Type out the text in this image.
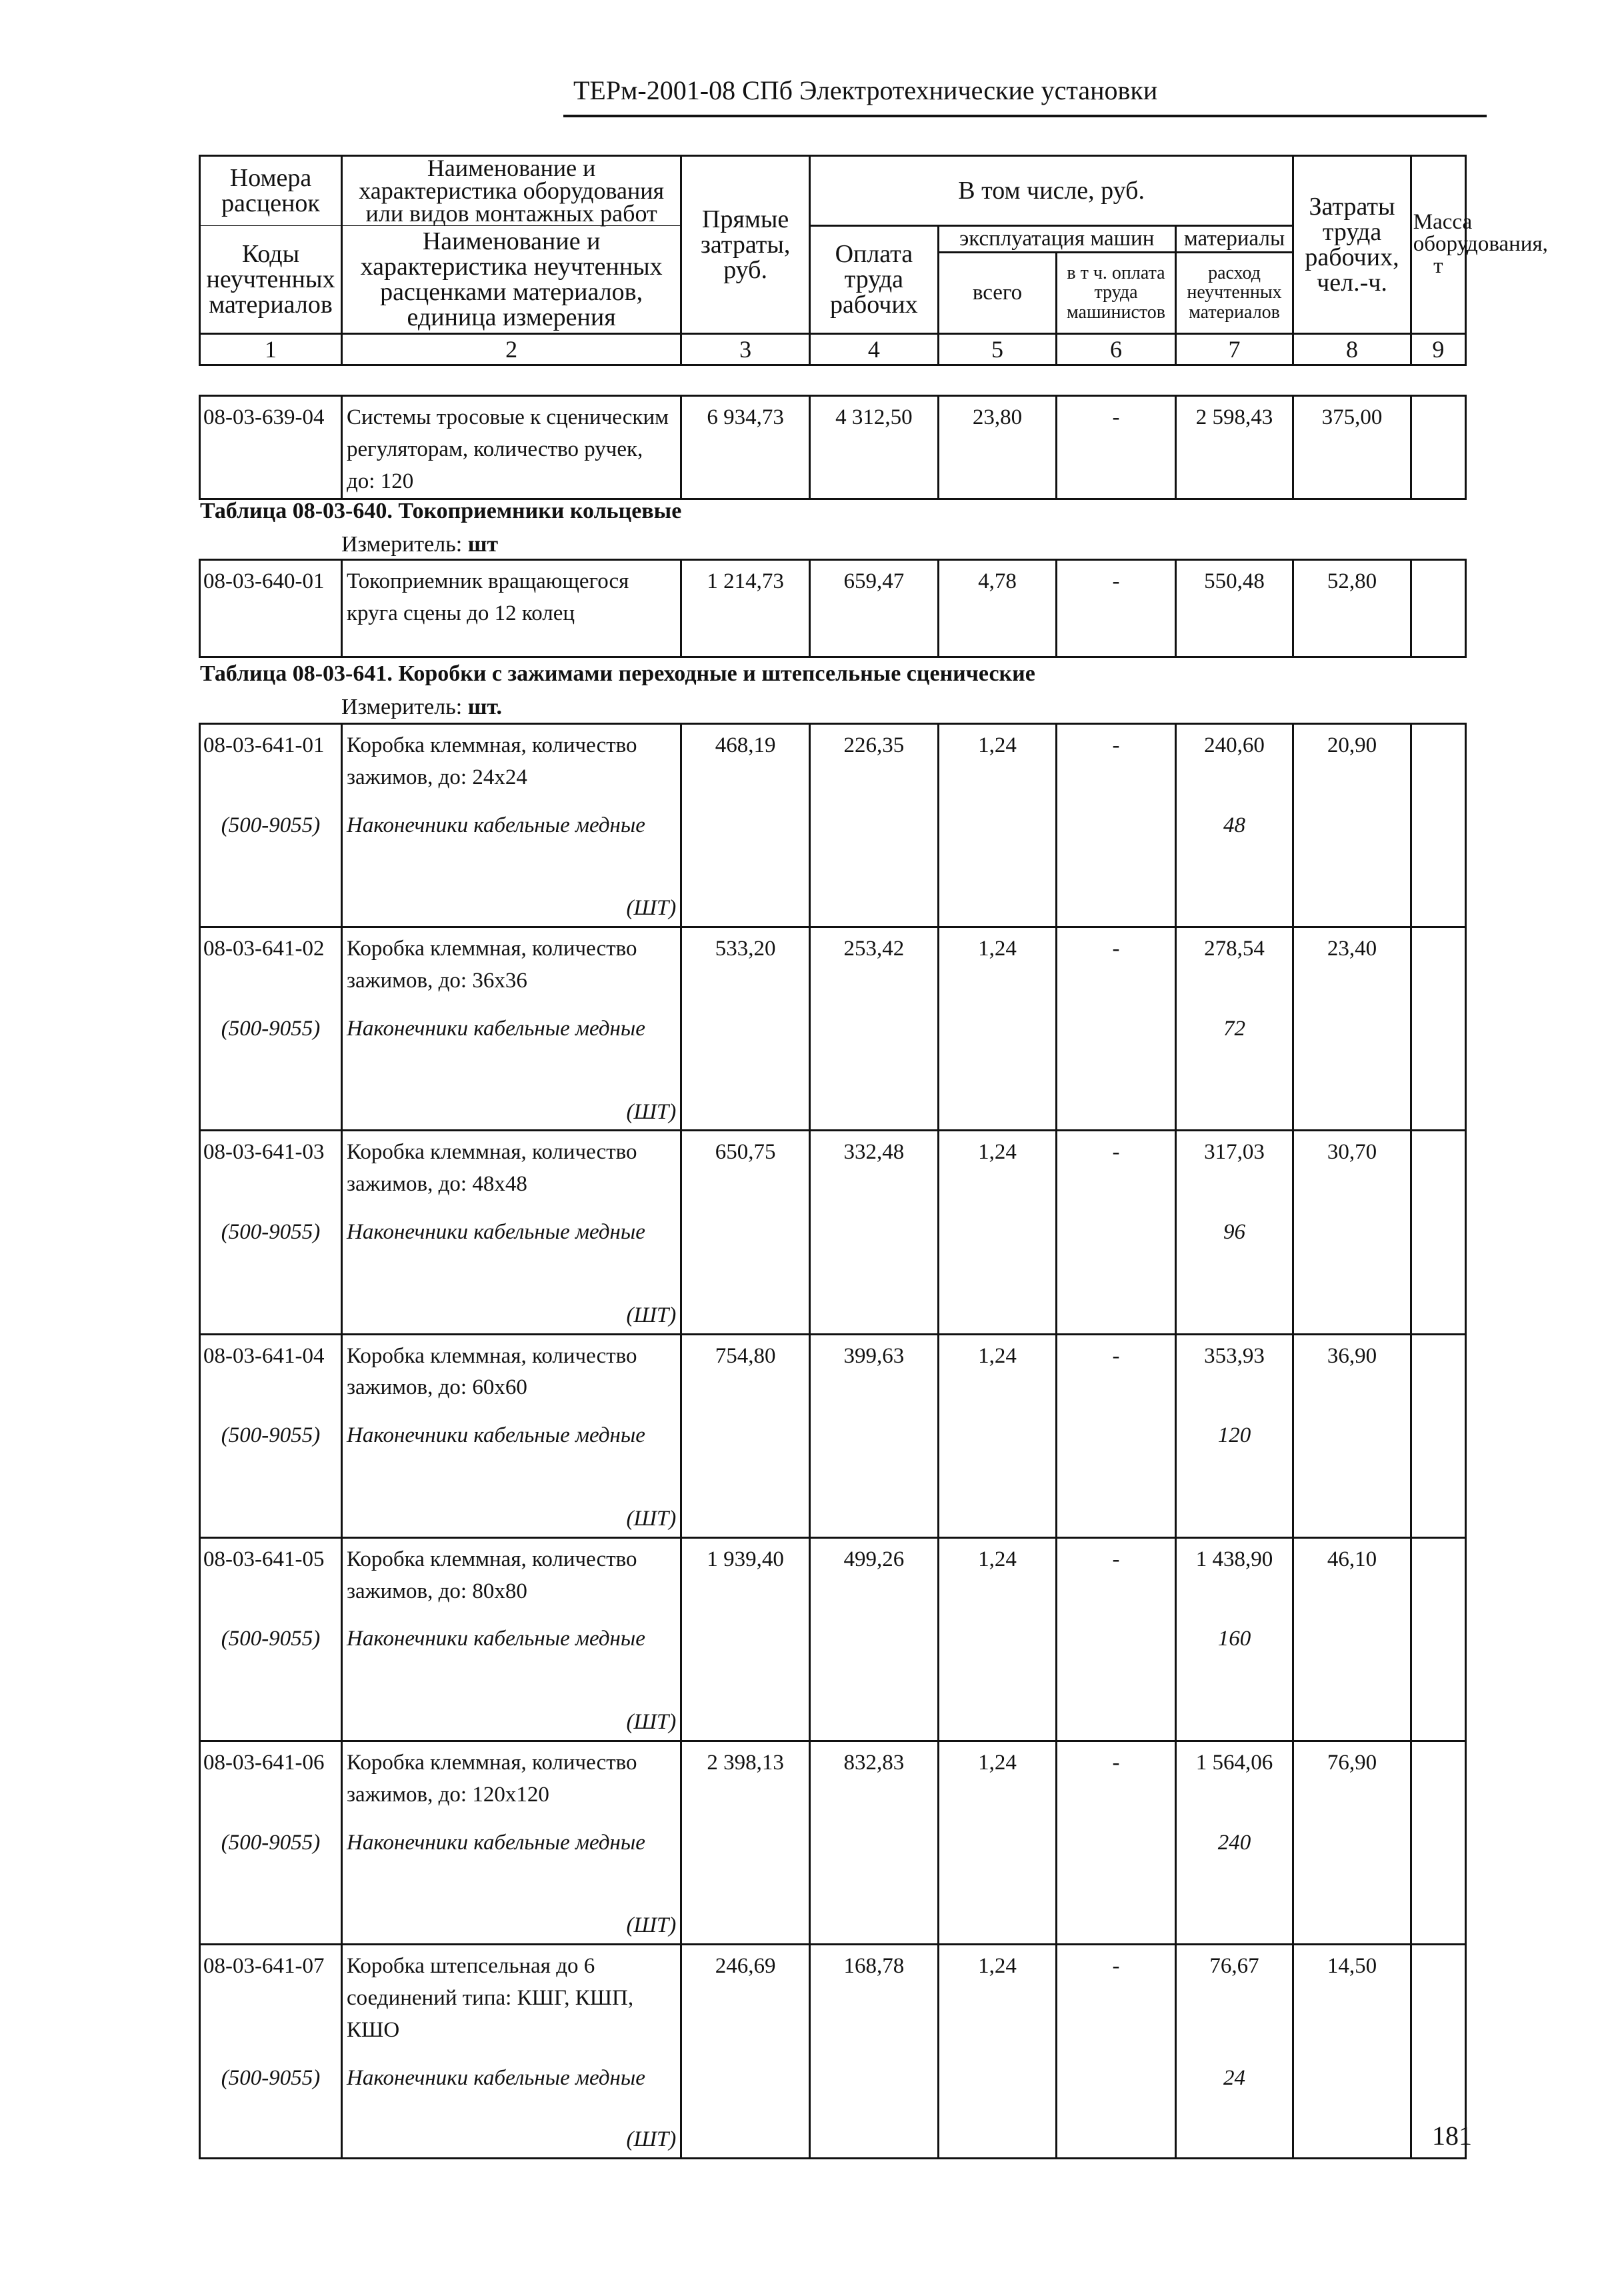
ТЕРм-2001-08 СПб Электротехнические установки
Номера расценок	Наименование и характеристика оборудования или видов монтажных работ	Прямые затраты, руб.	В том числе, руб.				Затраты труда рабочих, чел.-ч.	Масса оборудования, т

Коды неучтенных материалов	Наименование и характеристика неучтенных расценками материалов, единица измерения		Оплата труда рабочих	эксплуатация машин		материалы		
				всего	в т ч. оплата труда машинистов	расход неучтенных материалов		

1	2	3	4	5	6	7	8	9
08-03-639-04	Системы тросовые к сценическим регуляторам, количество ручек, до: 120	6 934,73	4 312,50	23,80	-	2 598,43	375,00	
Таблица 08-03-640. Токоприемники кольцевые
Измеритель: шт
08-03-640-01	Токоприемник вращающегося круга сцены до 12 колец	1 214,73	659,47	4,78	-	550,48	52,80	
Таблица 08-03-641. Коробки с зажимами переходные и штепсельные сценические
Измеритель: шт.
08-03-641-01	Коробка клеммная, количество зажимов, до: 24х24	468,19	226,35	1,24	-	240,60	20,90	
(500-9055)	Наконечники кабельные медные					48		
	(ШТ)							
08-03-641-02	Коробка клеммная, количество зажимов, до: 36х36	533,20	253,42	1,24	-	278,54	23,40	
(500-9055)	Наконечники кабельные медные					72		
	(ШТ)							
08-03-641-03	Коробка клеммная, количество зажимов, до: 48х48	650,75	332,48	1,24	-	317,03	30,70	
(500-9055)	Наконечники кабельные медные					96		
	(ШТ)							
08-03-641-04	Коробка клеммная, количество зажимов, до: 60х60	754,80	399,63	1,24	-	353,93	36,90	
(500-9055)	Наконечники кабельные медные					120		
	(ШТ)							
08-03-641-05	Коробка клеммная, количество зажимов, до: 80х80	1 939,40	499,26	1,24	-	1 438,90	46,10	
(500-9055)	Наконечники кабельные медные					160		
	(ШТ)							
08-03-641-06	Коробка клеммная, количество зажимов, до: 120х120	2 398,13	832,83	1,24	-	1 564,06	76,90	
(500-9055)	Наконечники кабельные медные					240		
	(ШТ)							
08-03-641-07	Коробка штепсельная до 6 соединений типа: КШГ, КШП, КШО	246,69	168,78	1,24	-	76,67	14,50	
(500-9055)	Наконечники кабельные медные					24		
	(ШТ)								181
